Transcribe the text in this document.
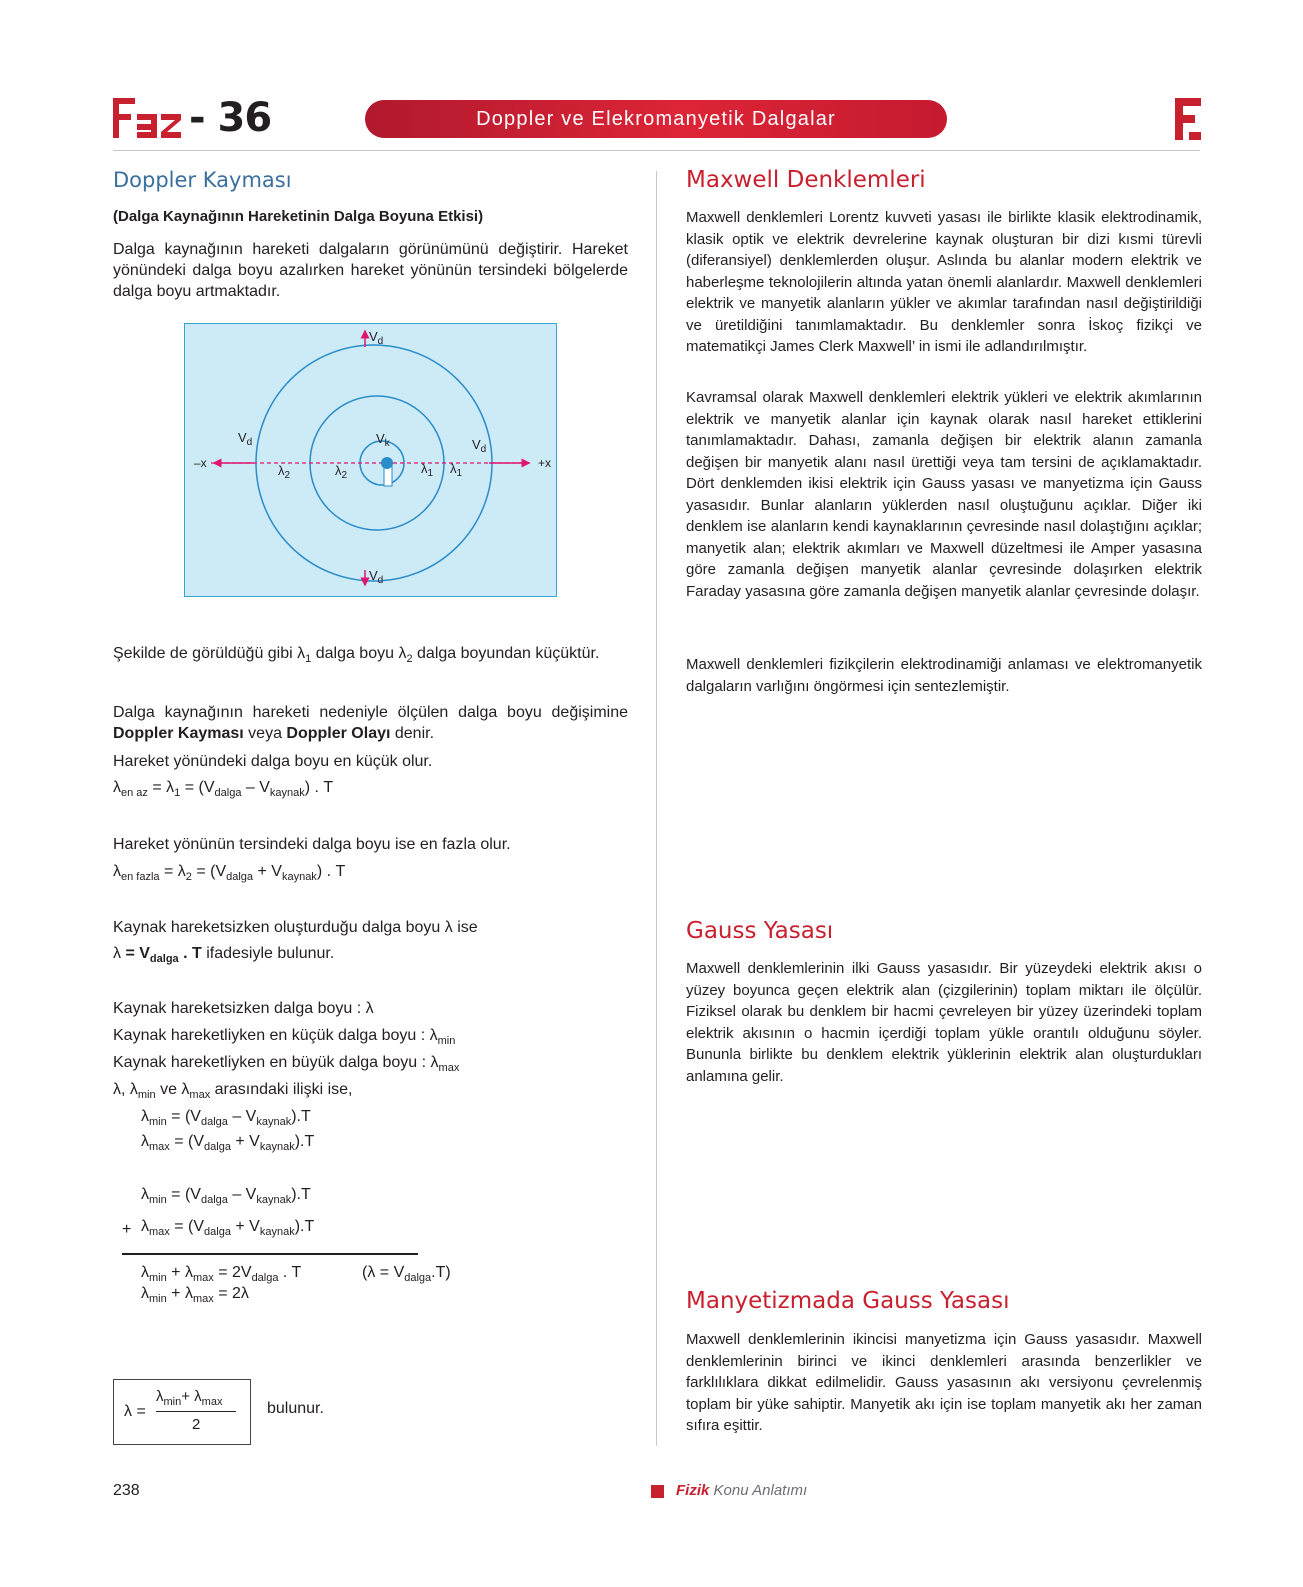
- 36	Doppler ve Elekromanyetik Dalgalar
Doppler Kayması
(Dalga Kaynağının Hareketinin Dalga Boyuna Etkisi)
Dalga kaynağının hareketi dalgaların görünümünü değiştirir. Hareket yönündeki dalga boyu azalırken hareket yönünün tersindeki bölgelerde dalga boyu artmaktadır.
$V_d$
$V_d$
$V_d$	$V_d$
$V_k$
–x	+x
$\lambda_2$	$\lambda_2$	$\lambda_1$ $\lambda_1$
Şekilde de görüldüğü gibi $\lambda_1$ dalga boyu $\lambda_2$ dalga boyundan küçüktür.
Dalga kaynağının hareketi nedeniyle ölçülen dalga boyu değişimine Doppler Kayması veya Doppler Olayı denir.
Hareket yönündeki dalga boyu en küçük olur.
$\lambda_{en az} = \lambda_1 = (V_{dalga} - V_{kaynak})$ . T
Hareket yönünün tersindeki dalga boyu ise en fazla olur.
$\lambda_{en fazla} = \lambda_2 = (V_{dalga} + V_{kaynak})$ . T
Kaynak hareketsizken oluşturduğu dalga boyu λ ise
$\lambda = V_{dalga}$ . T ifadesiyle bulunur.
Kaynak hareketsizken dalga boyu : λ
Kaynak hareketliyken en küçük dalga boyu : $\lambda_{min}$
Kaynak hareketliyken en büyük dalga boyu : $\lambda_{max}$
λ, $\lambda_{min}$ ve $\lambda_{max}$ arasındaki ilişki ise,
$\lambda_{min} = (V_{dalga} - V_{kaynak}).T$
$\lambda_{max} = (V_{dalga} + V_{kaynak}).T$
$\lambda_{min} = (V_{dalga} - V_{kaynak}).T$
+ $\lambda_{max} = (V_{dalga} + V_{kaynak}).T$
$\lambda_{min} + \lambda_{max} = 2V_{dalga}$ . T	$(\lambda = V_{dalga}.T)$
$\lambda_{min} + \lambda_{max} = 2\lambda$
λ =
$\lambda_{min}+ \lambda_{max}$
2
bulunur.
Maxwell Denklemleri
Maxwell denklemleri Lorentz kuvveti yasası ile birlikte klasik elektrodinamik, klasik optik ve elektrik devrelerine kaynak oluşturan bir dizi kısmi türevli (diferansiyel) denklemlerden oluşur. Aslında bu alanlar modern elektrik ve haberleşme teknolojilerin altında yatan önemli alanlardır. Maxwell denklemleri elektrik ve manyetik alanların yükler ve akımlar tarafından nasıl değiştirildiği ve üretildiğini tanımlamaktadır. Bu denklemler sonra İskoç fizikçi ve matematikçi James Clerk Maxwell’ in ismi ile adlandırılmıştır.
Kavramsal olarak Maxwell denklemleri elektrik yükleri ve elektrik akımlarının elektrik ve manyetik alanlar için kaynak olarak nasıl hareket ettiklerini tanımlamaktadır. Dahası, zamanla değişen bir elektrik alanın zamanla değişen bir manyetik alanı nasıl ürettiği veya tam tersini de açıklamaktadır. Dört denklemden ikisi elektrik için Gauss yasası ve manyetizma için Gauss yasasıdır. Bunlar alanların yüklerden nasıl oluştuğunu açıklar. Diğer iki denklem ise alanların kendi kaynaklarının çevresinde nasıl dolaştığını açıklar; manyetik alan; elektrik akımları ve Maxwell düzeltmesi ile Amper yasasına göre zamanla değişen manyetik alanlar çevresinde dolaşırken elektrik Faraday yasasına göre zamanla değişen manyetik alanlar çevresinde dolaşır.
Maxwell denklemleri fizikçilerin elektrodinamiği anlaması ve elektromanyetik dalgaların varlığını öngörmesi için sentezlemiştir.
Gauss Yasası
Maxwell denklemlerinin ilki Gauss yasasıdır. Bir yüzeydeki elektrik akısı o yüzey boyunca geçen elektrik alan (çizgilerinin) toplam miktarı ile ölçülür. Fiziksel olarak bu denklem bir hacmi çevreleyen bir yüzey üzerindeki toplam elektrik akısının o hacmin içerdiği toplam yükle orantılı olduğunu söyler. Bununla birlikte bu denklem elektrik yüklerinin elektrik alan oluşturdukları anlamına gelir.
Manyetizmada Gauss Yasası
Maxwell denklemlerinin ikincisi manyetizma için Gauss yasasıdır. Maxwell denklemlerinin birinci ve ikinci denklemleri arasında benzerlikler ve farklılıklara dikkat edilmelidir. Gauss yasasının akı versiyonu çevrelenmiş toplam bir yüke sahiptir. Manyetik akı için ise toplam manyetik akı her zaman sıfıra eşittir.
238	Fizik Konu Anlatımı
